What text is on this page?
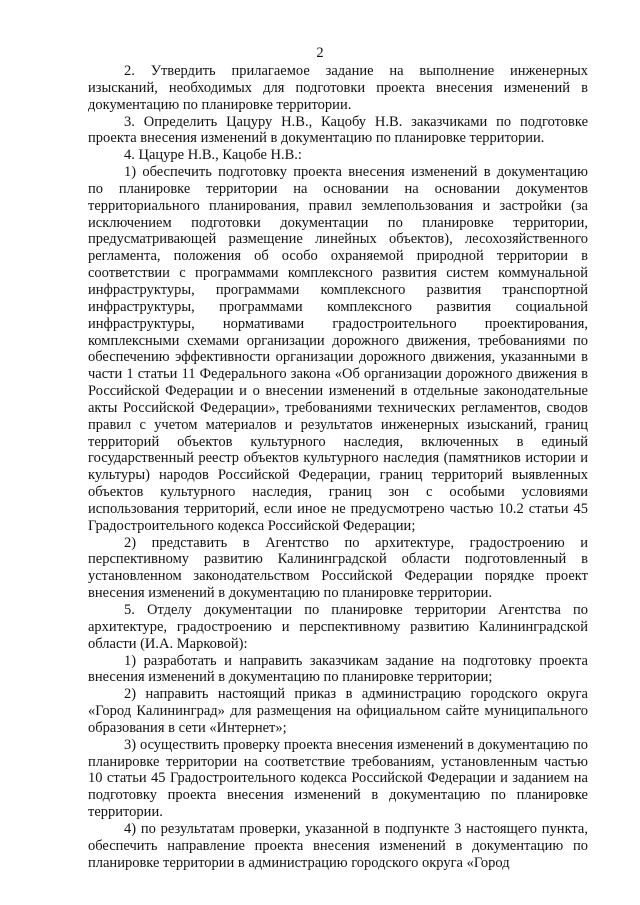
2

2. Утвердить прилагаемое задание на выполнение инженерных изысканий, необходимых для подготовки проекта внесения изменений в документацию по планировке территории.

3. Определить Цацуру Н.В., Кацобу Н.В. заказчиками по подготовке проекта внесения изменений в документацию по планировке территории.

4. Цацуре Н.В., Кацобе Н.В.:

1) обеспечить подготовку проекта внесения изменений в документацию по планировке территории на основании на основании документов территориального планирования, правил землепользования и застройки (за исключением подготовки документации по планировке территории, предусматривающей размещение линейных объектов), лесохозяйственного регламента, положения об особо охраняемой природной территории в соответствии с программами комплексного развития систем коммунальной инфраструктуры, программами комплексного развития транспортной инфраструктуры, программами комплексного развития социальной инфраструктуры, нормативами градостроительного проектирования, комплексными схемами организации дорожного движения, требованиями по обеспечению эффективности организации дорожного движения, указанными в части 1 статьи 11 Федерального закона «Об организации дорожного движения в Российской Федерации и о внесении изменений в отдельные законодательные акты Российской Федерации», требованиями технических регламентов, сводов правил с учетом материалов и результатов инженерных изысканий, границ территорий объектов культурного наследия, включенных в единый государственный реестр объектов культурного наследия (памятников истории и культуры) народов Российской Федерации, границ территорий выявленных объектов культурного наследия, границ зон с особыми условиями использования территорий, если иное не предусмотрено частью 10.2 статьи 45 Градостроительного кодекса Российской Федерации;

2) представить в Агентство по архитектуре, градостроению и перспективному развитию Калининградской области подготовленный в установленном законодательством Российской Федерации порядке проект внесения изменений в документацию по планировке территории.

5. Отделу документации по планировке территории Агентства по архитектуре, градостроению и перспективному развитию Калининградской области (И.А. Марковой):

1) разработать и направить заказчикам задание на подготовку проекта внесения изменений в документацию по планировке территории;

2) направить настоящий приказ в администрацию городского округа «Город Калининград» для размещения на официальном сайте муниципального образования в сети «Интернет»;

3) осуществить проверку проекта внесения изменений в документацию по планировке территории на соответствие требованиям, установленным частью 10 статьи 45 Градостроительного кодекса Российской Федерации и заданием на подготовку проекта внесения изменений в документацию по планировке территории.

4) по результатам проверки, указанной в подпункте 3 настоящего пункта, обеспечить направление проекта внесения изменений в документацию по планировке территории в администрацию городского округа «Город
